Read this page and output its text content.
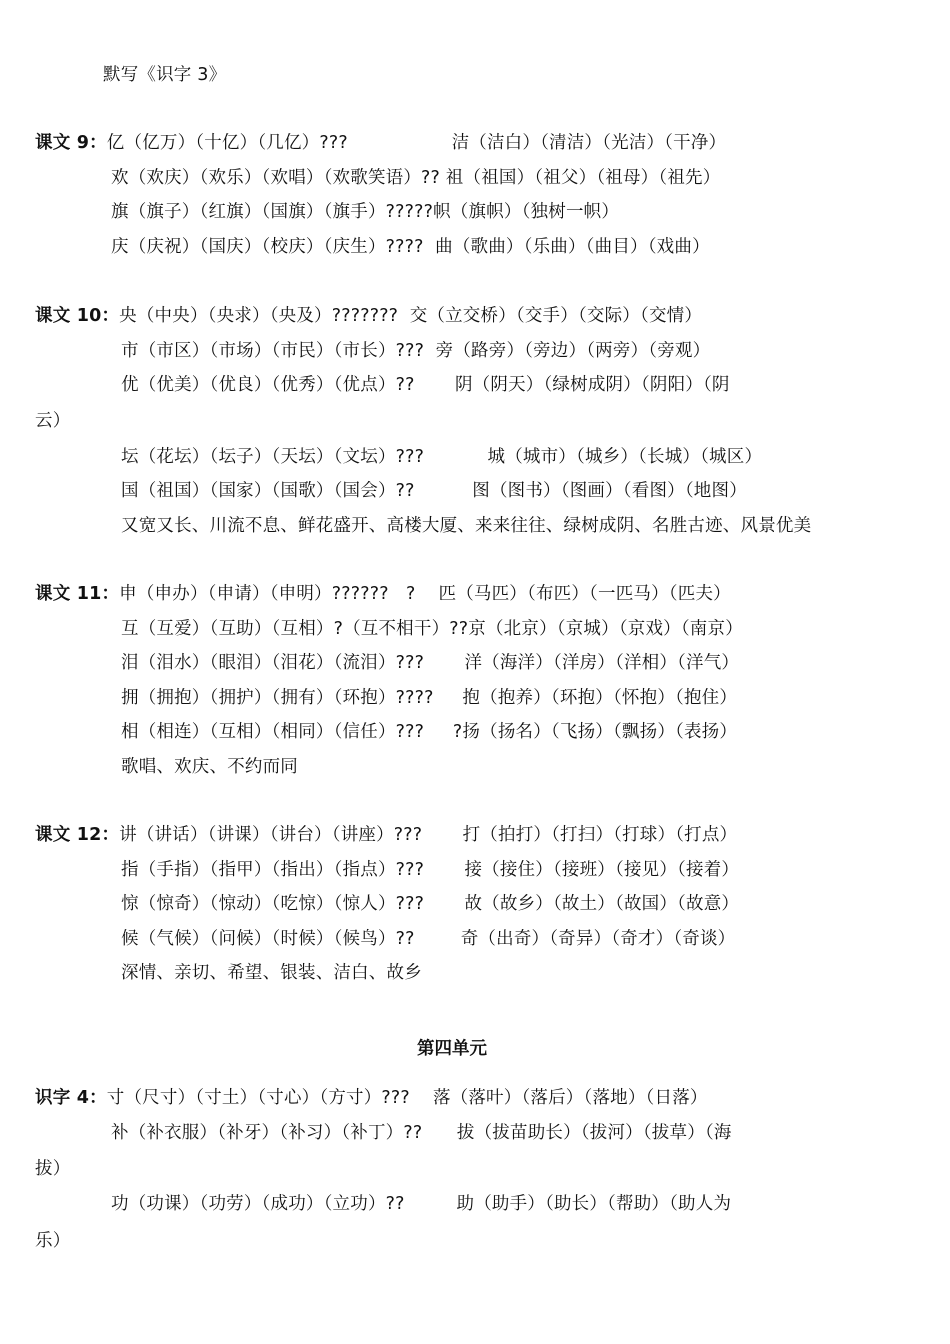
默写《识字 3》
课文 9：亿（亿万）（十亿）（几亿）???                  洁（洁白）（清洁）（光洁）（干净）
欢（欢庆）（欢乐）（欢唱）（欢歌笑语）?? 祖（祖国）（祖父）（祖母）（祖先）
旗（旗子）（红旗）（国旗）（旗手）?????帜（旗帜）（独树一帜）
庆（庆祝）（国庆）（校庆）（庆生）????  曲（歌曲）（乐曲）（曲目）（戏曲）
课文 10：央（中央）（央求）（央及）???????  交（立交桥）（交手）（交际）（交情）
市（市区）（市场）（市民）（市长）???  旁（路旁）（旁边）（两旁）（旁观）
优（优美）（优良）（优秀）（优点）??       阴（阴天）（绿树成阴）（阴阳）（阴
云）
坛（花坛）（坛子）（天坛）（文坛）???           城（城市）（城乡）（长城）（城区）
国（祖国）（国家）（国歌）（国会）??          图（图书）（图画）（看图）（地图）
又宽又长、川流不息、鲜花盛开、高楼大厦、来来往往、绿树成阴、名胜古迹、风景优美
课文 11：申（申办）（申请）（申明）??????   ?    匹（马匹）（布匹）（一匹马）（匹夫）
互（互爱）（互助）（互相）?（互不相干）??京（北京）（京城）（京戏）（南京）
泪（泪水）（眼泪）（泪花）（流泪）???       洋（海洋）（洋房）（洋相）（洋气）
拥（拥抱）（拥护）（拥有）（环抱）????     抱（抱养）（环抱）（怀抱）（抱住）
相（相连）（互相）（相同）（信任）???     ?扬（扬名）（飞扬）（飘扬）（表扬）
歌唱、欢庆、不约而同
课文 12：讲（讲话）（讲课）（讲台）（讲座）???       打（拍打）（打扫）（打球）（打点）
指（手指）（指甲）（指出）（指点）???       接（接住）（接班）（接见）（接着）
惊（惊奇）（惊动）（吃惊）（惊人）???       故（故乡）（故土）（故国）（故意）
候（气候）（问候）（时候）（候鸟）??        奇（出奇）（奇异）（奇才）（奇谈）
深情、亲切、希望、银装、洁白、故乡
第四单元
识字 4：寸（尺寸）（寸土）（寸心）（方寸）???    落（落叶）（落后）（落地）（日落）
补（补衣服）（补牙）（补习）（补丁）??      拔（拔苗助长）（拔河）（拔草）（海
拔）
功（功课）（功劳）（成功）（立功）??         助（助手）（助长）（帮助）（助人为
乐）
